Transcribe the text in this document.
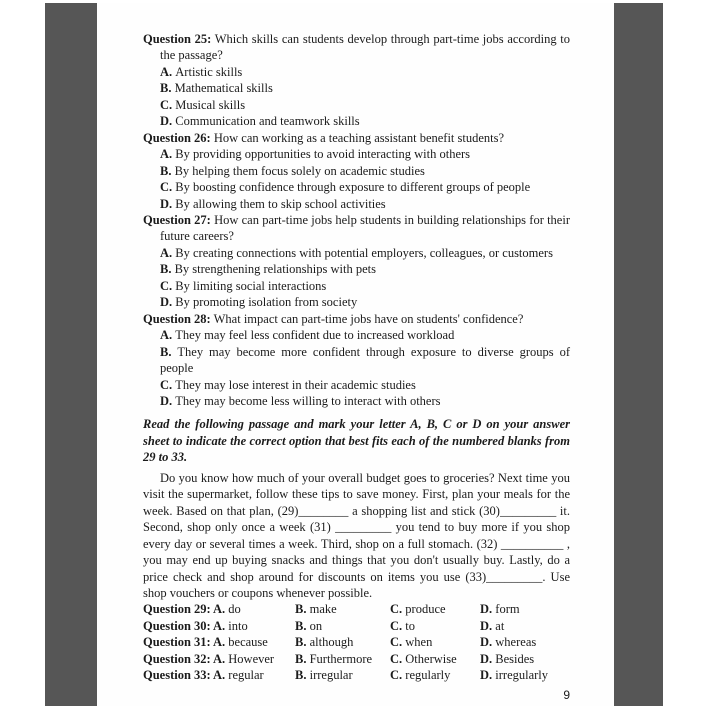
Question 25: Which skills can students develop through part-time jobs according to the passage?
A. Artistic skills
B. Mathematical skills
C. Musical skills
D. Communication and teamwork skills
Question 26: How can working as a teaching assistant benefit students?
A. By providing opportunities to avoid interacting with others
B. By helping them focus solely on academic studies
C. By boosting confidence through exposure to different groups of people
D. By allowing them to skip school activities
Question 27: How can part-time jobs help students in building relationships for their future careers?
A. By creating connections with potential employers, colleagues, or customers
B. By strengthening relationships with pets
C. By limiting social interactions
D. By promoting isolation from society
Question 28: What impact can part-time jobs have on students' confidence?
A. They may feel less confident due to increased workload
B. They may become more confident through exposure to diverse groups of people
C. They may lose interest in their academic studies
D. They may become less willing to interact with others
Read the following passage and mark your letter A, B, C or D on your answer sheet to indicate the correct option that best fits each of the numbered blanks from 29 to 33.
Do you know how much of your overall budget goes to groceries? Next time you visit the supermarket, follow these tips to save money. First, plan your meals for the week. Based on that plan, (29)________ a shopping list and stick (30)_________ it. Second, shop only once a week (31) _________ you tend to buy more if you shop every day or several times a week. Third, shop on a full stomach. (32) __________ , you may end up buying snacks and things that you don't usually buy. Lastly, do a price check and shop around for discounts on items you use (33)_________. Use shop vouchers or coupons whenever possible.
Question 29: A. do	B. make	C. produce	D. form
Question 30: A. into	B. on	C. to	D. at
Question 31: A. because	B. although	C. when	D. whereas
Question 32: A. However	B. Furthermore	C. Otherwise	D. Besides
Question 33: A. regular	B. irregular	C. regularly	D. irregularly
9
